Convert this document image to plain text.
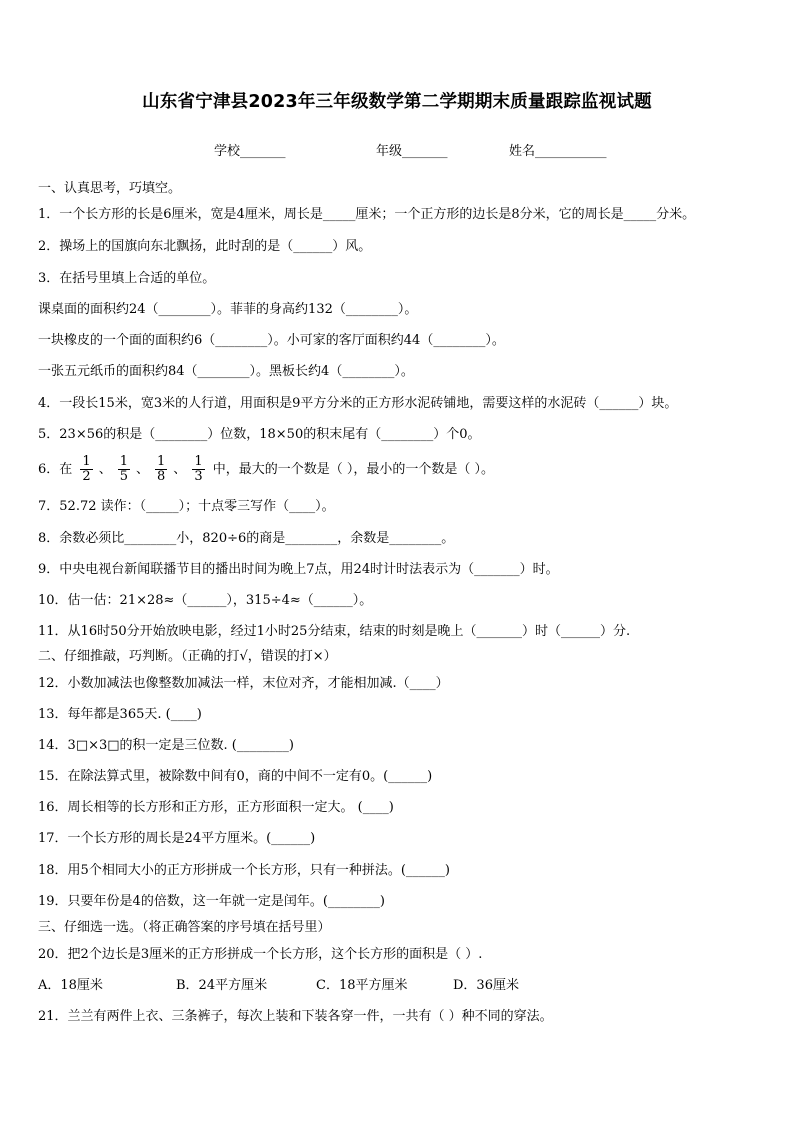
山东省宁津县2023年三年级数学第二学期期末质量跟踪监视试题
学校_______	年级_______	姓名___________
一、认真思考，巧填空。
1．一个长方形的长是6厘米，宽是4厘米，周长是_____厘米；一个正方形的边长是8分米，它的周长是_____分米。
2．操场上的国旗向东北飘扬，此时刮的是（______）风。
3．在括号里填上合适的单位。
课桌面的面积约24（________）。菲菲的身高约132（________）。
一块橡皮的一个面的面积约6（________）。小可家的客厅面积约44（________）。
一张五元纸币的面积约84（________）。黑板长约4（________）。
4．一段长15米，宽3米的人行道，用面积是9平方分米的正方形水泥砖铺地，需要这样的水泥砖（______）块。
5．23×56的积是（________）位数，18×50的积末尾有（________）个0。
6．在 $\frac{1}{2}$ 、 $\frac{1}{5}$ 、 $\frac{1}{8}$ 、 $\frac{1}{3}$ 中，最大的一个数是（ ），最小的一个数是（ ）。
7．52.72 读作：（_____）；十点零三写作（____）。
8．余数必须比________小，820÷6的商是________，余数是________。
9．中央电视台新闻联播节目的播出时间为晚上7点，用24时计时法表示为（_______）时。
10．估一估：21×28≈（______），315÷4≈（______）。
11．从16时50分开始放映电影，经过1小时25分结束，结束的时刻是晚上（_______）时（______）分.
二、仔细推敲，巧判断。（正确的打√，错误的打×）
12．小数加减法也像整数加减法一样，末位对齐，才能相加减.（____）
13．每年都是365天. (____)
14．3□×3□的积一定是三位数. (________)
15．在除法算式里，被除数中间有0，商的中间不一定有0。(______)
16．周长相等的长方形和正方形，正方形面积一定大。 (____)
17．一个长方形的周长是24平方厘米。(______)
18．用5个相同大小的正方形拼成一个长方形，只有一种拼法。(______)
19．只要年份是4的倍数，这一年就一定是闰年。(________)
三、仔细选一选。（将正确答案的序号填在括号里）
20．把2个边长是3厘米的正方形拼成一个长方形，这个长方形的面积是（ ）.
A．18厘米	B．24平方厘米	C．18平方厘米	D．36厘米
21．兰兰有两件上衣、三条裤子，每次上装和下装各穿一件，一共有（ ）种不同的穿法。
